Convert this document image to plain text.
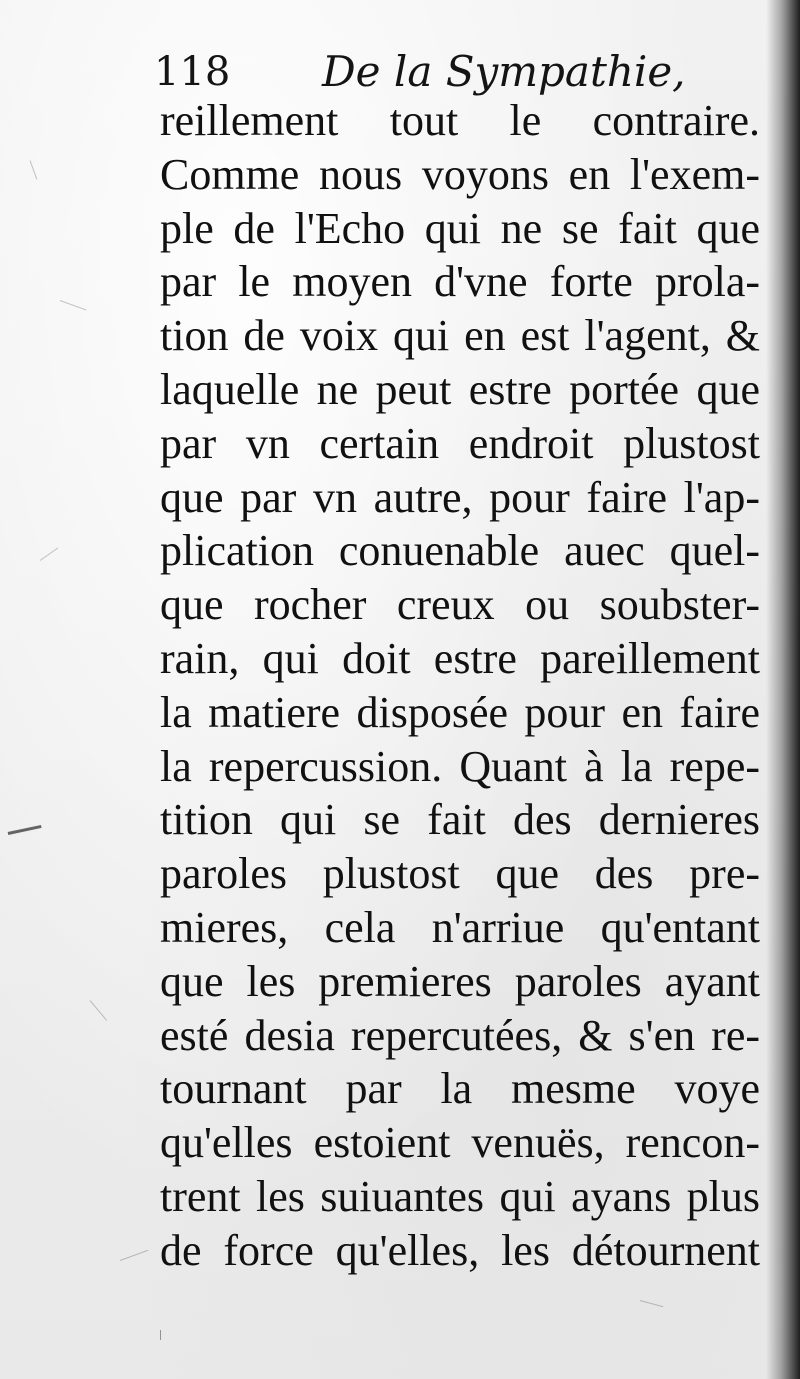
118 De la Sympathie,
reillement tout le contraire.
Comme nous voyons en l'exem-
ple de l'Echo qui ne se fait que
par le moyen d'vne forte prola-
tion de voix qui en est l'agent, &
laquelle ne peut estre portée que
par vn certain endroit plustost
que par vn autre, pour faire l'ap-
plication conuenable auec quel-
que rocher creux ou soubster-
rain, qui doit estre pareillement
la matiere disposée pour en faire
la repercussion. Quant à la repe-
tition qui se fait des dernieres
paroles plustost que des pre-
mieres, cela n'arriue qu'entant
que les premieres paroles ayant
esté desia repercutées, & s'en re-
tournant par la mesme voye
qu'elles estoient venuës, rencon-
trent les suiuantes qui ayans plus
de force qu'elles, les détournent
